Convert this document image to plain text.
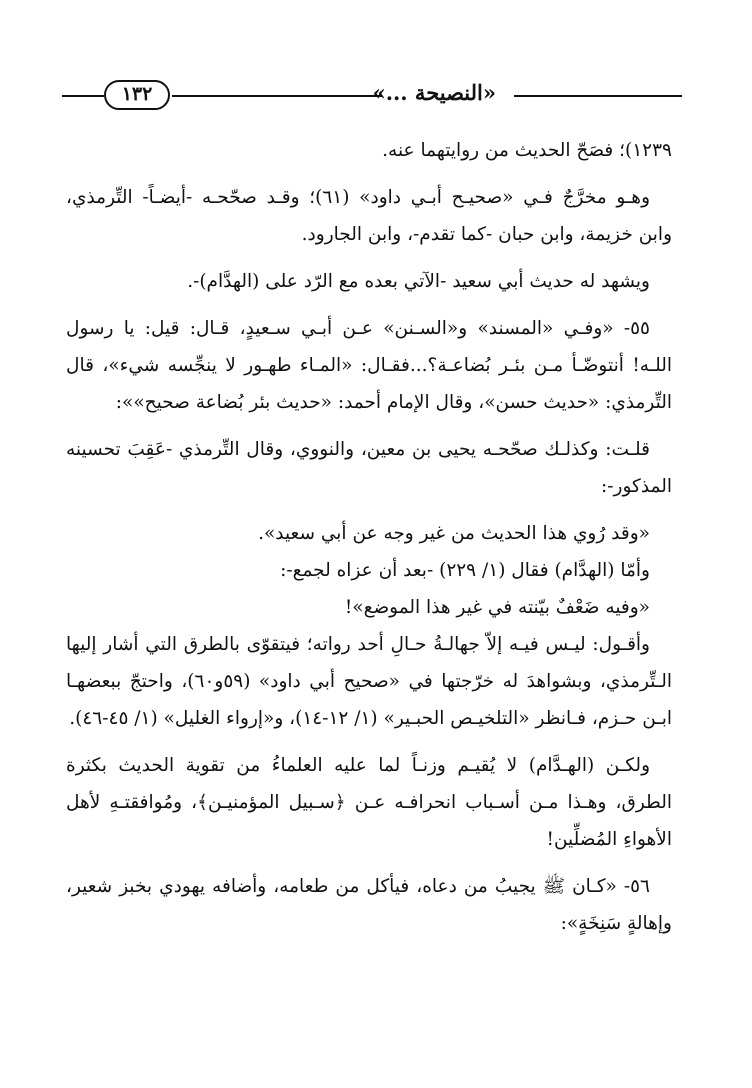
«النصيحة ...»
١٣٢

١٢٣٩)؛ فصَحّ الحديث من روايتهما عنه.

وهـو مخرَّجٌ فـي «صحيـح أبـي داود» (٦١)؛ وقـد صحّحـه -أيضـاً- التِّرمذي، وابن خزيمة، وابن حبان -كما تقدم-، وابن الجارود.

ويشهد له حديث أبي سعيد -الآتي بعده مع الرّد على (الهدَّام)-.

٥٥- «وفـي «المسند» و«السـنن» عـن أبـي سـعيدٍ، قـال: قيل: يا رسول اللـه! أنتوضّـأ مـن بئـر بُضاعـة؟...فقـال: «المـاء طهـور لا ينجِّسه شيء»، قال التِّرمذي: «حديث حسن»، وقال الإمام أحمد: «حديث بئر بُضاعة صحيح»»:

قلـت: وكذلـك صحّحـه يحيى بن معين، والنووي، وقال التِّرمذي -عَقِبَ تحسينه المذكور-:

«وقد رُوي هذا الحديث من غير وجه عن أبي سعيد».

وأمّا (الهدَّام) فقال (١/ ٢٢٩) -بعد أن عزاه لجمع-:

«وفيه ضَعْفٌ بيّنته في غير هذا الموضع»!

وأقـول: ليـس فيـه إلاّ جهالـةُ حـالِ أحد رواته؛ فيتقوّى بالطرق التي أشار إليها الـتِّرمذي، وبشواهدَ له خرّجتها في «صحيح أبي داود» (٥٩و٦٠)، واحتجّ ببعضهـا ابـن حـزم، فـانظر «التلخيـص الحبـير» (١/ ١٢-١٤)، و«إرواء الغليل» (١/ ٤٥-٤٦).

ولكـن (الهـدَّام) لا يُقيـم وزنـاً لما عليه العلماءُ من تقوية الحديث بكثرة الطرق، وهـذا مـن أسـباب انحرافـه عـن ﴿سـبيل المؤمنيـن﴾، ومُوافقتـهِ لأهل الأهواءِ المُضلِّين!

٥٦- «كـان ﷺ يجيبُ من دعاه، فيأكل من طعامه، وأضافه يهودي بخبز شعير، وإهالةٍ سَنِخَةٍ»:
